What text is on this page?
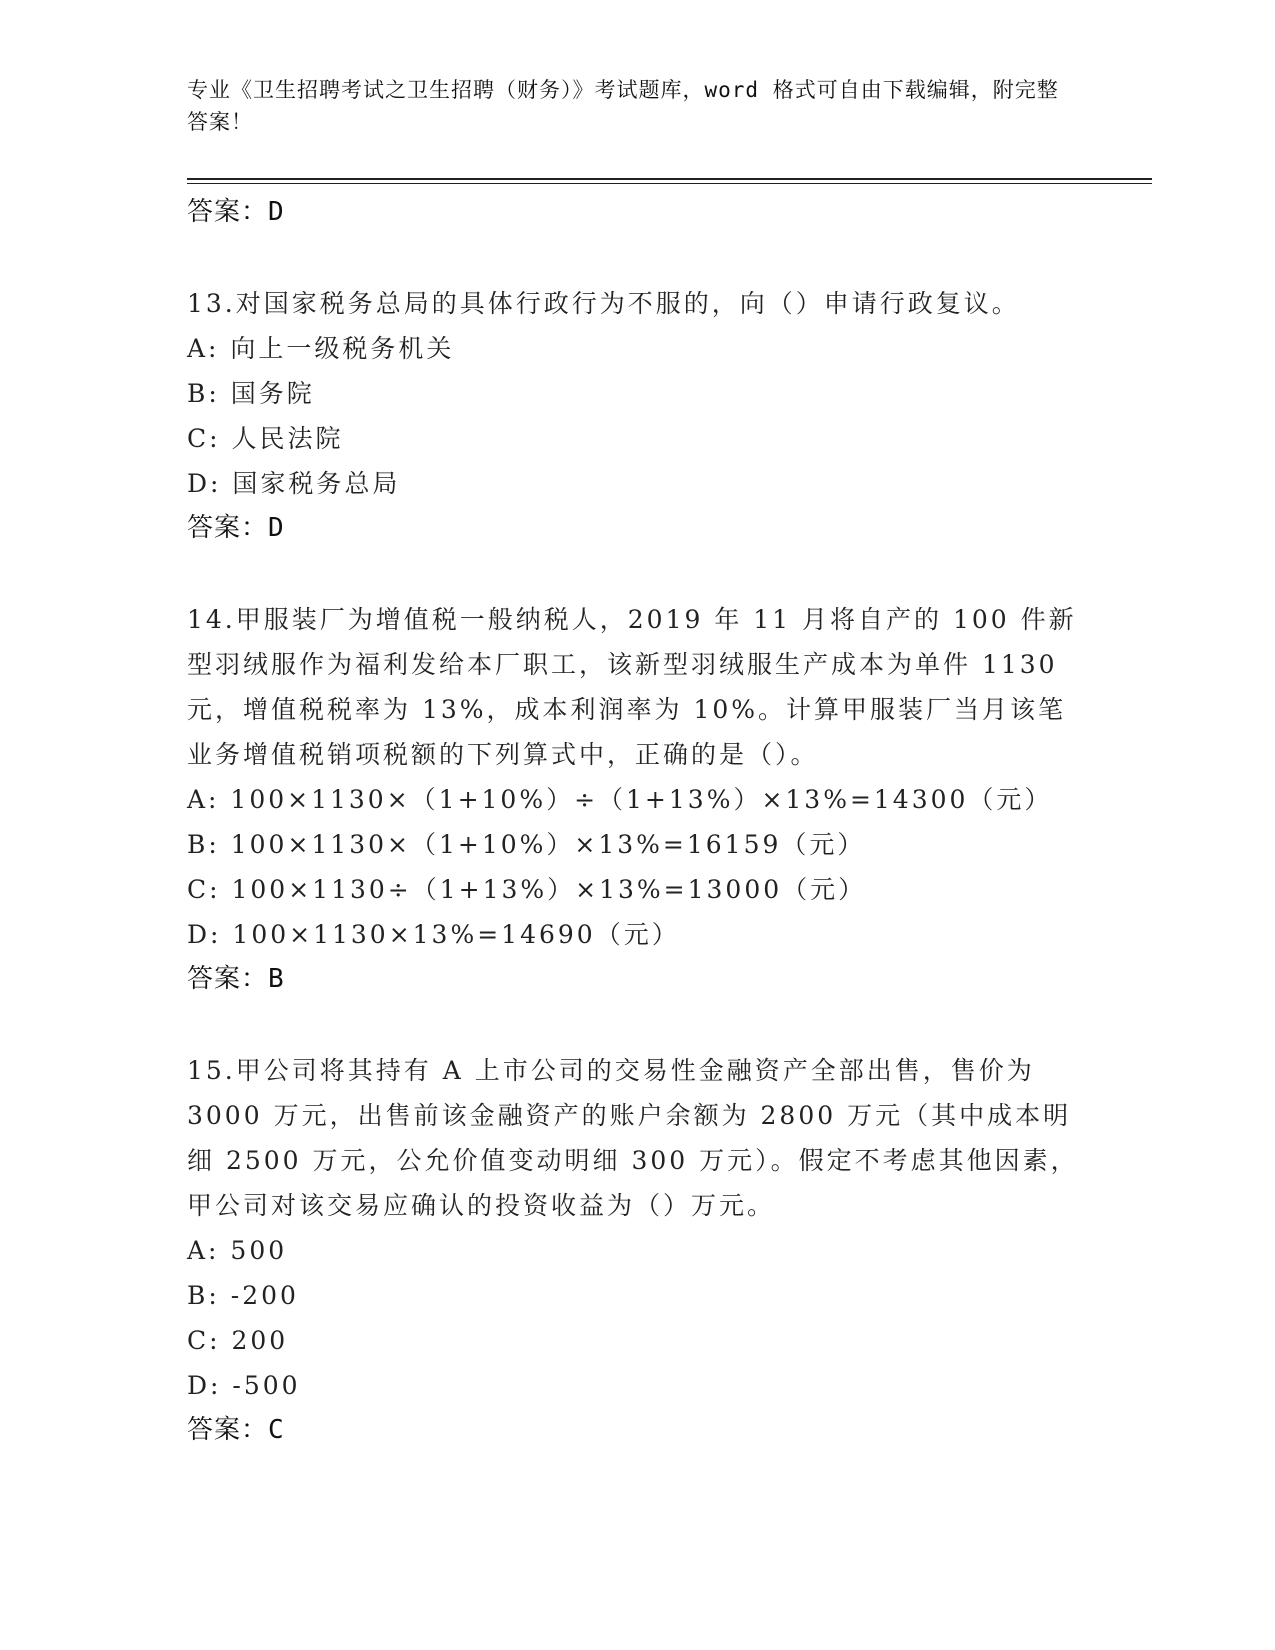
专业《卫生招聘考试之卫生招聘（财务）》考试题库，word 格式可自由下载编辑，附完整答案！
答案：D
13.对国家税务总局的具体行政行为不服的，向（）申请行政复议。
A: 向上一级税务机关
B: 国务院
C: 人民法院
D: 国家税务总局
答案：D
14.甲服装厂为增值税一般纳税人，2019 年 11 月将自产的 100 件新型羽绒服作为福利发给本厂职工，该新型羽绒服生产成本为单件 1130 元，增值税税率为 13%，成本利润率为 10%。计算甲服装厂当月该笔业务增值税销项税额的下列算式中，正确的是（）。
A: 100×1130×（1+10%）÷（1+13%）×13%=14300（元）
B: 100×1130×（1+10%）×13%=16159（元）
C: 100×1130÷（1+13%）×13%=13000（元）
D: 100×1130×13%=14690（元）
答案：B
15.甲公司将其持有 A 上市公司的交易性金融资产全部出售，售价为 3000 万元，出售前该金融资产的账户余额为 2800 万元（其中成本明细 2500 万元，公允价值变动明细 300 万元）。假定不考虑其他因素，甲公司对该交易应确认的投资收益为（）万元。
A: 500
B: -200
C: 200
D: -500
答案：C
